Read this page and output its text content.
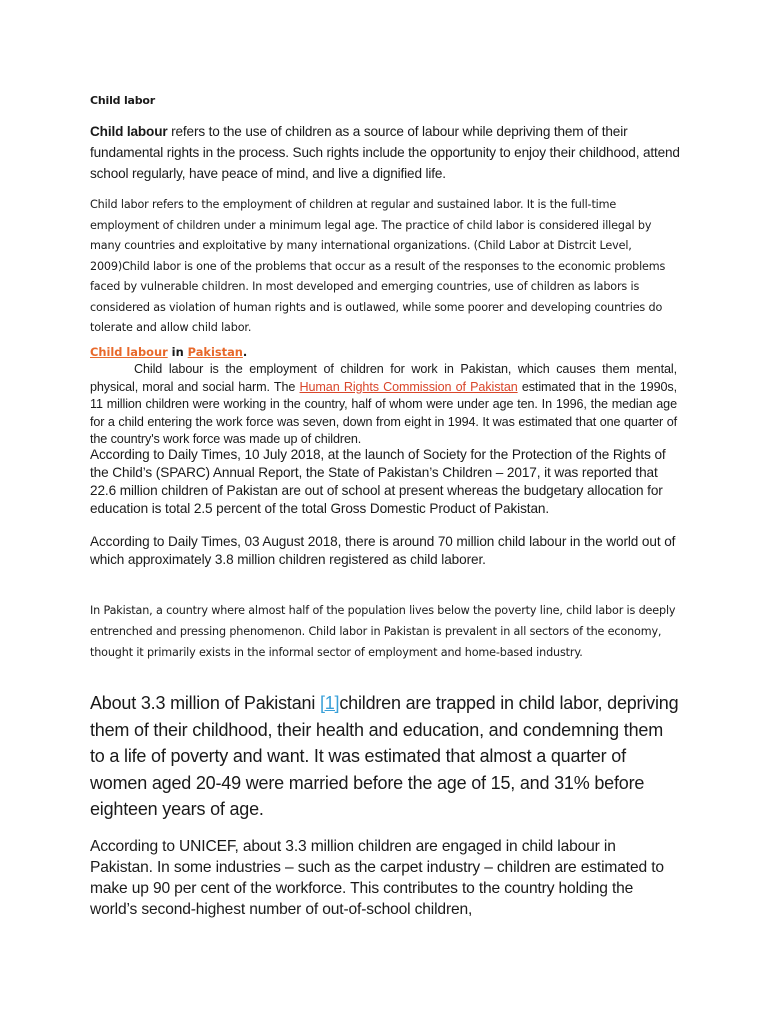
Child labor

Child labour refers to the use of children as a source of labour while depriving them of their fundamental rights in the process. Such rights include the opportunity to enjoy their childhood, attend school regularly, have peace of mind, and live a dignified life.

Child labor refers to the employment of children at regular and sustained labor. It is the full-time employment of children under a minimum legal age. The practice of child labor is considered illegal by many countries and exploitative by many international organizations. (Child Labor at Distrcit Level, 2009)Child labor is one of the problems that occur as a result of the responses to the economic problems faced by vulnerable children. In most developed and emerging countries, use of children as labors is considered as violation of human rights and is outlawed, while some poorer and developing countries do tolerate and allow child labor.

Child labour in Pakistan.

Child labour is the employment of children for work in Pakistan, which causes them mental, physical, moral and social harm. The Human Rights Commission of Pakistan estimated that in the 1990s, 11 million children were working in the country, half of whom were under age ten. In 1996, the median age for a child entering the work force was seven, down from eight in 1994. It was estimated that one quarter of the country's work force was made up of children.

According to Daily Times, 10 July 2018, at the launch of Society for the Protection of the Rights of the Child’s (SPARC) Annual Report, the State of Pakistan’s Children – 2017, it was reported that 22.6 million children of Pakistan are out of school at present whereas the budgetary allocation for education is total 2.5 percent of the total Gross Domestic Product of Pakistan.

According to Daily Times, 03 August 2018, there is around 70 million child labour in the world out of which approximately 3.8 million children registered as child laborer.

In Pakistan, a country where almost half of the population lives below the poverty line, child labor is deeply entrenched and pressing phenomenon. Child labor in Pakistan is prevalent in all sectors of the economy, thought it primarily exists in the informal sector of employment and home-based industry.

About 3.3 million of Pakistani [1]children are trapped in child labor, depriving them of their childhood, their health and education, and condemning them to a life of poverty and want. It was estimated that almost a quarter of women aged 20-49 were married before the age of 15, and 31% before eighteen years of age.

According to UNICEF, about 3.3 million children are engaged in child labour in Pakistan. In some industries – such as the carpet industry – children are estimated to make up 90 per cent of the workforce. This contributes to the country holding the world’s second-highest number of out-of-school children,
